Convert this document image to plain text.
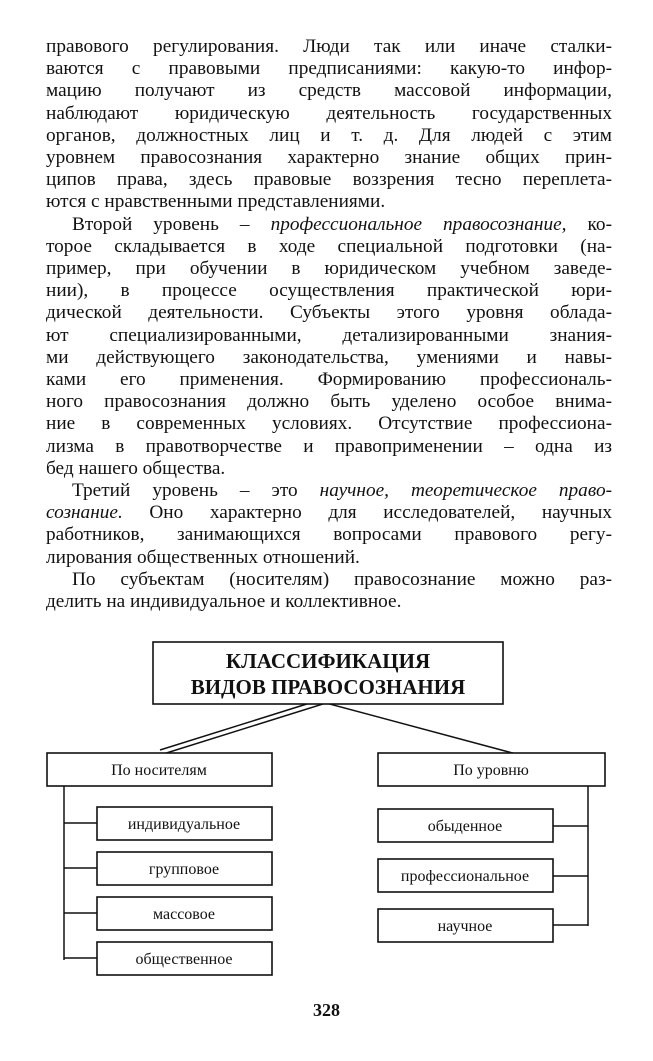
правового регулирования. Люди так или иначе сталки-
ваются с правовыми предписаниями: какую-то инфор-
мацию получают из средств массовой информации,
наблюдают юридическую деятельность государственных
органов, должностных лиц и т. д. Для людей с этим
уровнем правосознания характерно знание общих прин-
ципов права, здесь правовые воззрения тесно переплета-
ются с нравственными представлениями.
Второй уровень – профессиональное правосознание, ко-
торое складывается в ходе специальной подготовки (на-
пример, при обучении в юридическом учебном заведе-
нии), в процессе осуществления практической юри-
дической деятельности. Субъекты этого уровня облада-
ют специализированными, детализированными знания-
ми действующего законодательства, умениями и навы-
ками его применения. Формированию профессиональ-
ного правосознания должно быть уделено особое внима-
ние в современных условиях. Отсутствие профессиона-
лизма в правотворчестве и правоприменении – одна из
бед нашего общества.
Третий уровень – это научное, теоретическое право-
сознание. Оно характерно для исследователей, научных
работников, занимающихся вопросами правового регу-
лирования общественных отношений.
По субъектам (носителям) правосознание можно раз-
делить на индивидуальное и коллективное.
КЛАССИФИКАЦИЯ
ВИДОВ ПРАВОСОЗНАНИЯ
По носителям	По уровню
индивидуальное
групповое
массовое
общественное
обыденное
профессиональное
научное
328
